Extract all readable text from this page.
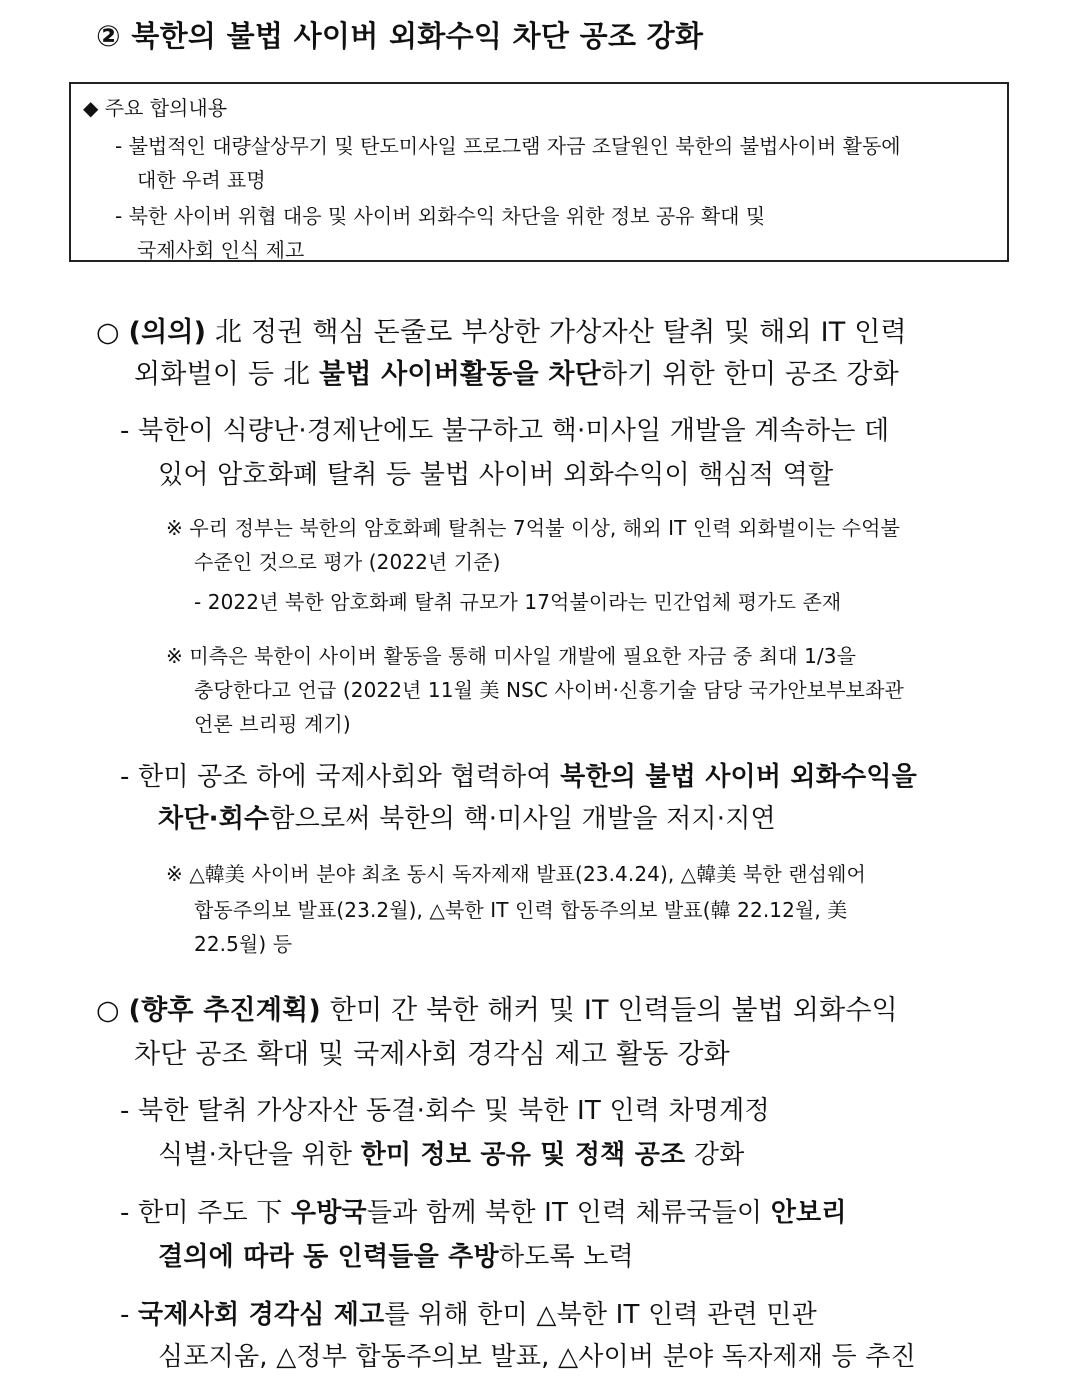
② 북한의 불법 사이버 외화수익 차단 공조 강화
◆ 주요 합의내용
- 불법적인 대량살상무기 및 탄도미사일 프로그램 자금 조달원인 북한의 불법사이버 활동에
대한 우려 표명
- 북한 사이버 위협 대응 및 사이버 외화수익 차단을 위한 정보 공유 확대 및
국제사회 인식 제고
○ (의의) 北 정권 핵심 돈줄로 부상한 가상자산 탈취 및 해외 IT 인력
외화벌이 등 北 불법 사이버활동을 차단하기 위한 한미 공조 강화
- 북한이 식량난·경제난에도 불구하고 핵·미사일 개발을 계속하는 데
있어 암호화폐 탈취 등 불법 사이버 외화수익이 핵심적 역할
※ 우리 정부는 북한의 암호화폐 탈취는 7억불 이상, 해외 IT 인력 외화벌이는 수억불
수준인 것으로 평가 (2022년 기준)
- 2022년 북한 암호화폐 탈취 규모가 17억불이라는 민간업체 평가도 존재
※ 미측은 북한이 사이버 활동을 통해 미사일 개발에 필요한 자금 중 최대 1/3을
충당한다고 언급 (2022년 11월 美 NSC 사이버·신흥기술 담당 국가안보부보좌관
언론 브리핑 계기)
- 한미 공조 하에 국제사회와 협력하여 북한의 불법 사이버 외화수익을
차단·회수함으로써 북한의 핵·미사일 개발을 저지·지연
※ △韓美 사이버 분야 최초 동시 독자제재 발표(23.4.24), △韓美 북한 랜섬웨어
합동주의보 발표(23.2월), △북한 IT 인력 합동주의보 발표(韓 22.12월, 美
22.5월) 등
○ (향후 추진계획) 한미 간 북한 해커 및 IT 인력들의 불법 외화수익
차단 공조 확대 및 국제사회 경각심 제고 활동 강화
- 북한 탈취 가상자산 동결·회수 및 북한 IT 인력 차명계정
식별·차단을 위한 한미 정보 공유 및 정책 공조 강화
- 한미 주도 下 우방국들과 함께 북한 IT 인력 체류국들이 안보리
결의에 따라 동 인력들을 추방하도록 노력
- 국제사회 경각심 제고를 위해 한미 △북한 IT 인력 관련 민관
심포지움, △정부 합동주의보 발표, △사이버 분야 독자제재 등 추진
